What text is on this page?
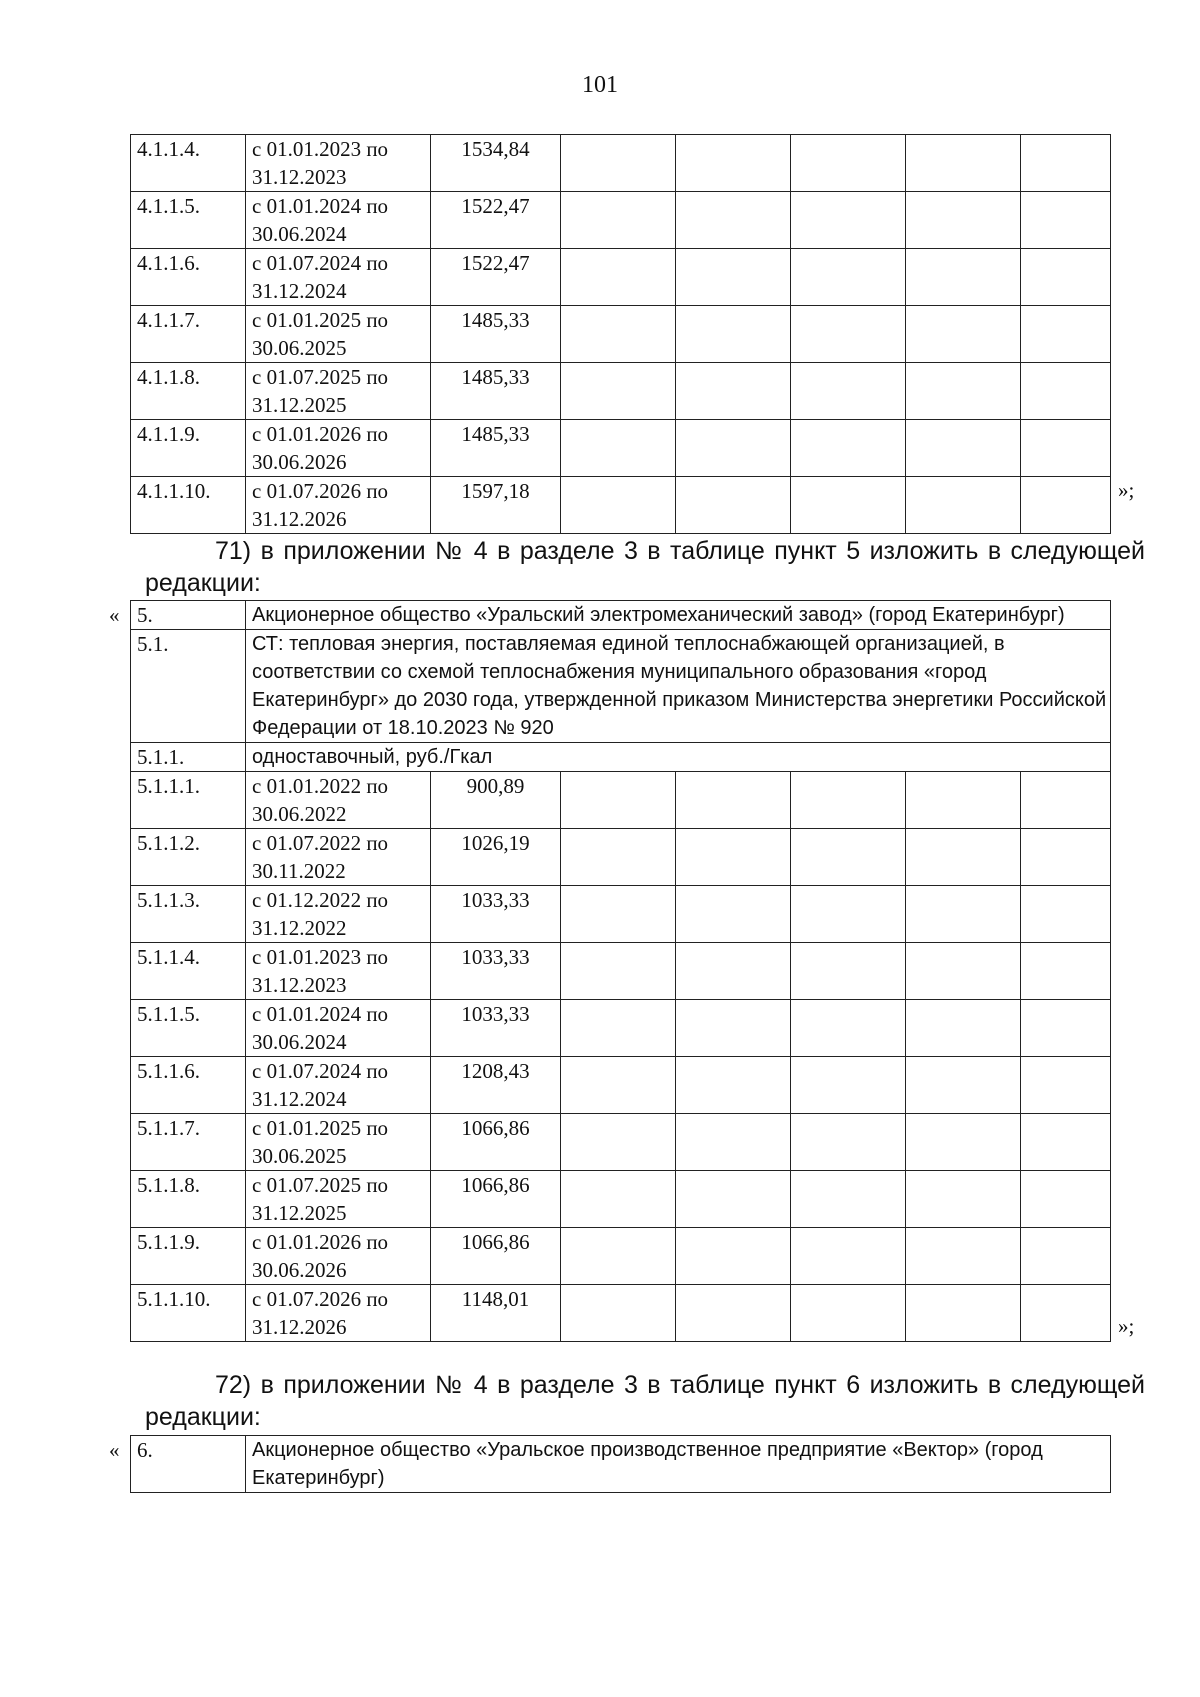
101
4.1.1.4.	с 01.01.2023 по
31.12.2023	1534,84					
4.1.1.5.	с 01.01.2024 по
30.06.2024	1522,47					
4.1.1.6.	с 01.07.2024 по
31.12.2024	1522,47					
4.1.1.7.	с 01.01.2025 по
30.06.2025	1485,33					
4.1.1.8.	с 01.07.2025 по
31.12.2025	1485,33					
4.1.1.9.	с 01.01.2026 по
30.06.2026	1485,33					
4.1.1.10.	с 01.07.2026 по
31.12.2026	1597,18						»;
71) в приложении № 4 в разделе 3 в таблице пункт 5 изложить в следующей
редакции:
« 5.	Акционерное общество «Уральский электромеханический завод» (город Екатеринбург)						
5.1.	СТ: тепловая энергия, поставляемая единой теплоснабжающей организацией, в соответствии со схемой теплоснабжения муниципального образования «город Екатеринбург» до 2030 года, утвержденной приказом Министерства энергетики Российской Федерации от 18.10.2023 № 920						
5.1.1.	одноставочный, руб./Гкал						
5.1.1.1.	с 01.01.2022 по
30.06.2022	900,89					
5.1.1.2.	с 01.07.2022 по
30.11.2022	1026,19					
5.1.1.3.	с 01.12.2022 по
31.12.2022	1033,33					
5.1.1.4.	с 01.01.2023 по
31.12.2023	1033,33					
5.1.1.5.	с 01.01.2024 по
30.06.2024	1033,33					
5.1.1.6.	с 01.07.2024 по
31.12.2024	1208,43					
5.1.1.7.	с 01.01.2025 по
30.06.2025	1066,86					
5.1.1.8.	с 01.07.2025 по
31.12.2025	1066,86					
5.1.1.9.	с 01.01.2026 по
30.06.2026	1066,86					
5.1.1.10.	с 01.07.2026 по
31.12.2026	1148,01					
»;
72) в приложении № 4 в разделе 3 в таблице пункт 6 изложить в следующей
редакции:
« 6.	Акционерное общество «Уральское производственное предприятие «Вектор» (город Екатеринбург)
